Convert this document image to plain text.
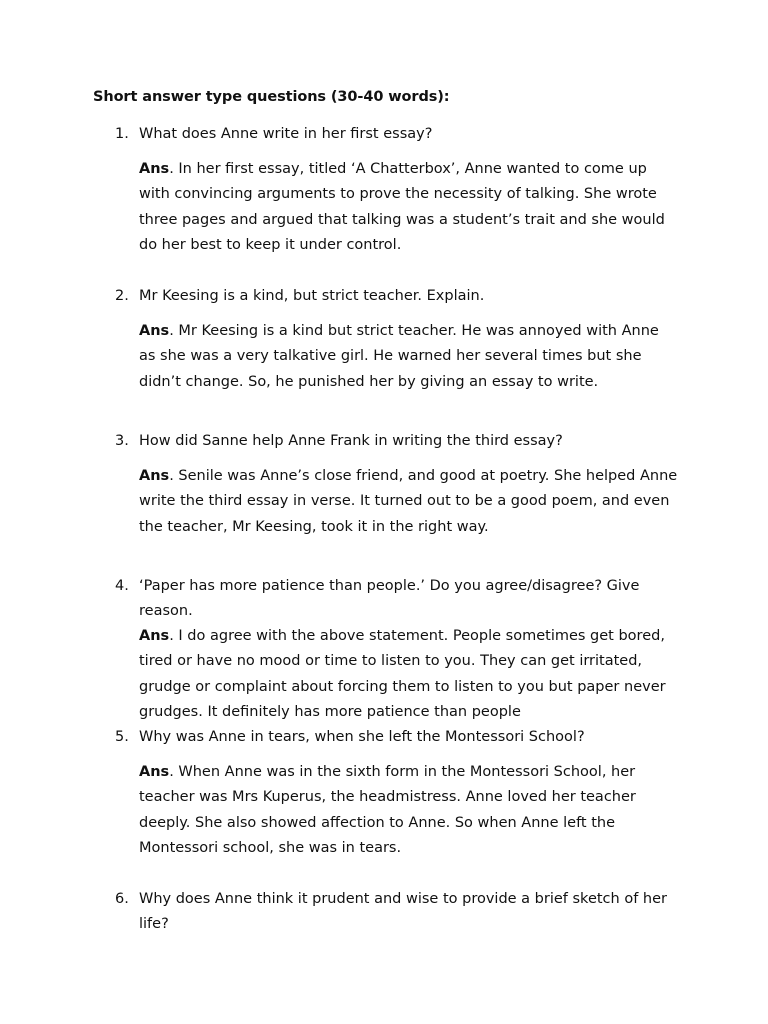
Short answer type questions (30-40 words):
1. What does Anne write in her first essay?
Ans. In her first essay, titled ‘A Chatterbox’, Anne wanted to come up with convincing arguments to prove the necessity of talking. She wrote three pages and argued that talking was a student’s trait and she would do her best to keep it under control.
2. Mr Keesing is a kind, but strict teacher. Explain.
Ans. Mr Keesing is a kind but strict teacher. He was annoyed with Anne as she was a very talkative girl. He warned her several times but she didn’t change. So, he punished her by giving an essay to write.
3. How did Sanne help Anne Frank in writing the third essay?
Ans. Senile was Anne’s close friend, and good at poetry. She helped Anne write the third essay in verse. It turned out to be a good poem, and even the teacher, Mr Keesing, took it in the right way.
4. ‘Paper has more patience than people.’ Do you agree/disagree? Give reason.
Ans. I do agree with the above statement. People sometimes get bored, tired or have no mood or time to listen to you. They can get irritated, grudge or complaint about forcing them to listen to you but paper never grudges. It definitely has more patience than people
5. Why was Anne in tears, when she left the Montessori School?
Ans. When Anne was in the sixth form in the Montessori School, her teacher was Mrs Kuperus, the headmistress. Anne loved her teacher deeply. She also showed affection to Anne. So when Anne left the Montessori school, she was in tears.
6. Why does Anne think it prudent and wise to provide a brief sketch of her life?
